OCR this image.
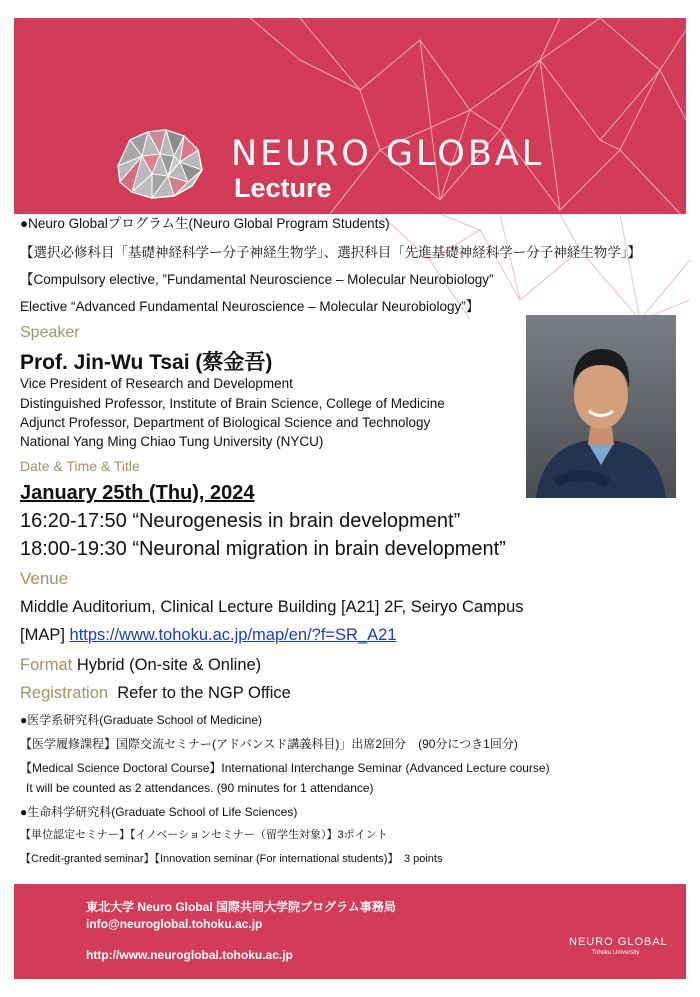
NEURO GLOBAL
Lecture
●Neuro Globalプログラム生(Neuro Global Program Students)
【選択必修科目「基礎神経科学ー分子神経生物学」、選択科目「先進基礎神経科学ー分子神経生物学」】
【Compulsory elective, ”Fundamental Neuroscience – Molecular Neurobiology”
Elective “Advanced Fundamental Neuroscience – Molecular Neurobiology”】
Speaker
Prof. Jin-Wu Tsai (蔡金吾)
Vice President of Research and Development
Distinguished Professor, Institute of Brain Science, College of Medicine
Adjunct Professor, Department of Biological Science and Technology
National Yang Ming Chiao Tung University (NYCU)
Date & Time & Title
January 25th (Thu), 2024
16:20-17:50 “Neurogenesis in brain development”
18:00-19:30 “Neuronal migration in brain development”
Venue
Middle Auditorium, Clinical Lecture Building [A21] 2F, Seiryo Campus
[MAP] https://www.tohoku.ac.jp/map/en/?f=SR_A21
Format Hybrid (On-site & Online)
Registration Refer to the NGP Office
●医学系研究科(Graduate School of Medicine)
【医学履修課程】国際交流セミナー(アドバンスド講義科目)」出席2回分　(90分につき1回分)
【Medical Science Doctoral Course】International Interchange Seminar (Advanced Lecture course)
It will be counted as 2 attendances. (90 minutes for 1 attendance)
●生命科学研究科(Graduate School of Life Sciences)
【単位認定セミナー】【イノベーションセミナー（留学生対象）】3ポイント
【Credit-granted seminar】【Innovation seminar (For international students)】　3 points
東北大学 Neuro Global 国際共同大学院プログラム事務局
info@neuroglobal.tohoku.ac.jp
http://www.neuroglobal.tohoku.ac.jp
NEURO GLOBAL
Tohoku University
